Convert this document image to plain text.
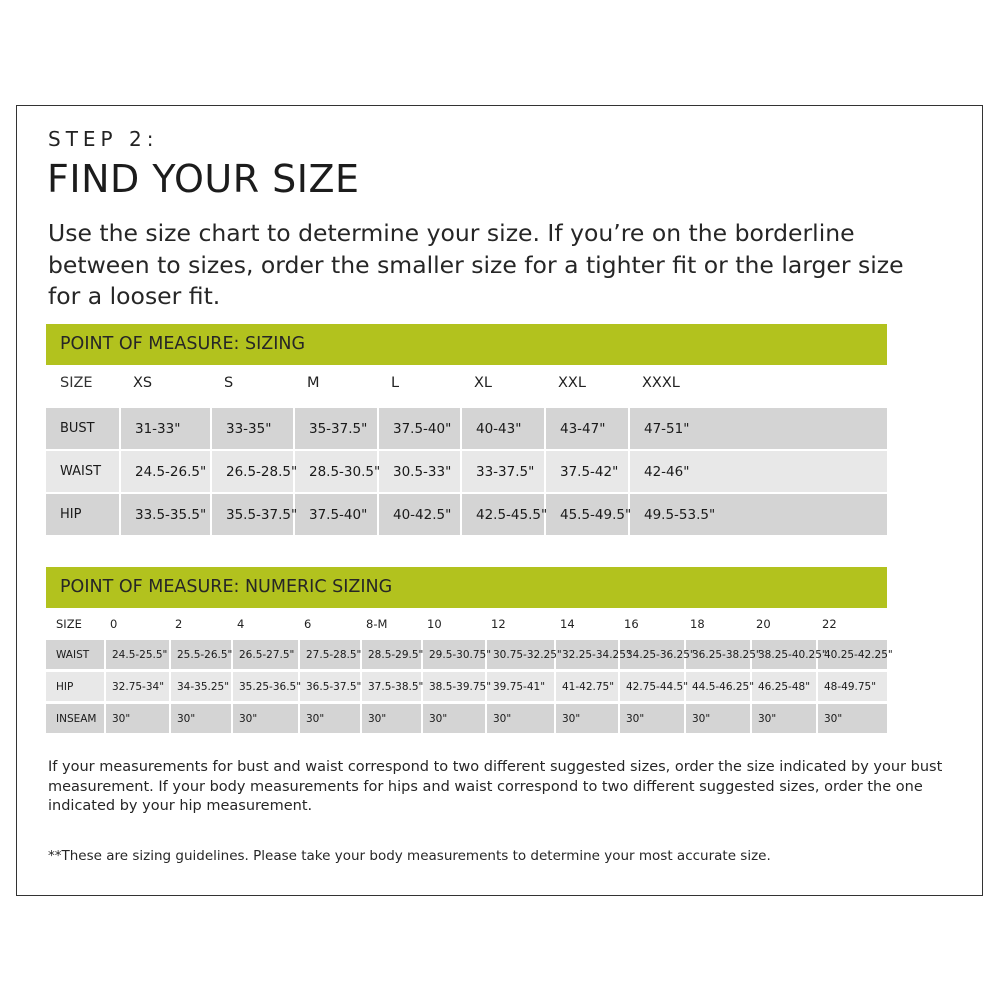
STEP 2:
FIND YOUR SIZE
Use the size chart to determine your size. If you’re on the borderline between to sizes, order the smaller size for a tighter fit or the larger size for a looser fit.
POINT OF MEASURE: SIZING
SIZE	XS	S	M	L	XL	XXL	XXXL
BUST	31-33"	33-35"	35-37.5"	37.5-40"	40-43"	43-47"	47-51"
WAIST	24.5-26.5"	26.5-28.5"	28.5-30.5"	30.5-33"	33-37.5"	37.5-42"	42-46"
HIP	33.5-35.5"	35.5-37.5"	37.5-40"	40-42.5"	42.5-45.5"	45.5-49.5"	49.5-53.5"
POINT OF MEASURE: NUMERIC SIZING
SIZE	0	2	4	6	8-M	10	12	14	16	18	20	22
WAIST	24.5-25.5"	25.5-26.5"	26.5-27.5"	27.5-28.5"	28.5-29.5"	29.5-30.75"	30.75-32.25"	32.25-34.25"	34.25-36.25"	36.25-38.25"	38.25-40.25"	40.25-42.25"
HIP	32.75-34"	34-35.25"	35.25-36.5"	36.5-37.5"	37.5-38.5"	38.5-39.75"	39.75-41"	41-42.75"	42.75-44.5"	44.5-46.25"	46.25-48"	48-49.75"
INSEAM	30"	30"	30"	30"	30"	30"	30"	30"	30"	30"	30"	30"
If your measurements for bust and waist correspond to two different suggested sizes, order the size indicated by your bust measurement. If your body measurements for hips and waist correspond to two different suggested sizes, order the one indicated by your hip measurement.
**These are sizing guidelines. Please take your body measurements to determine your most accurate size.
